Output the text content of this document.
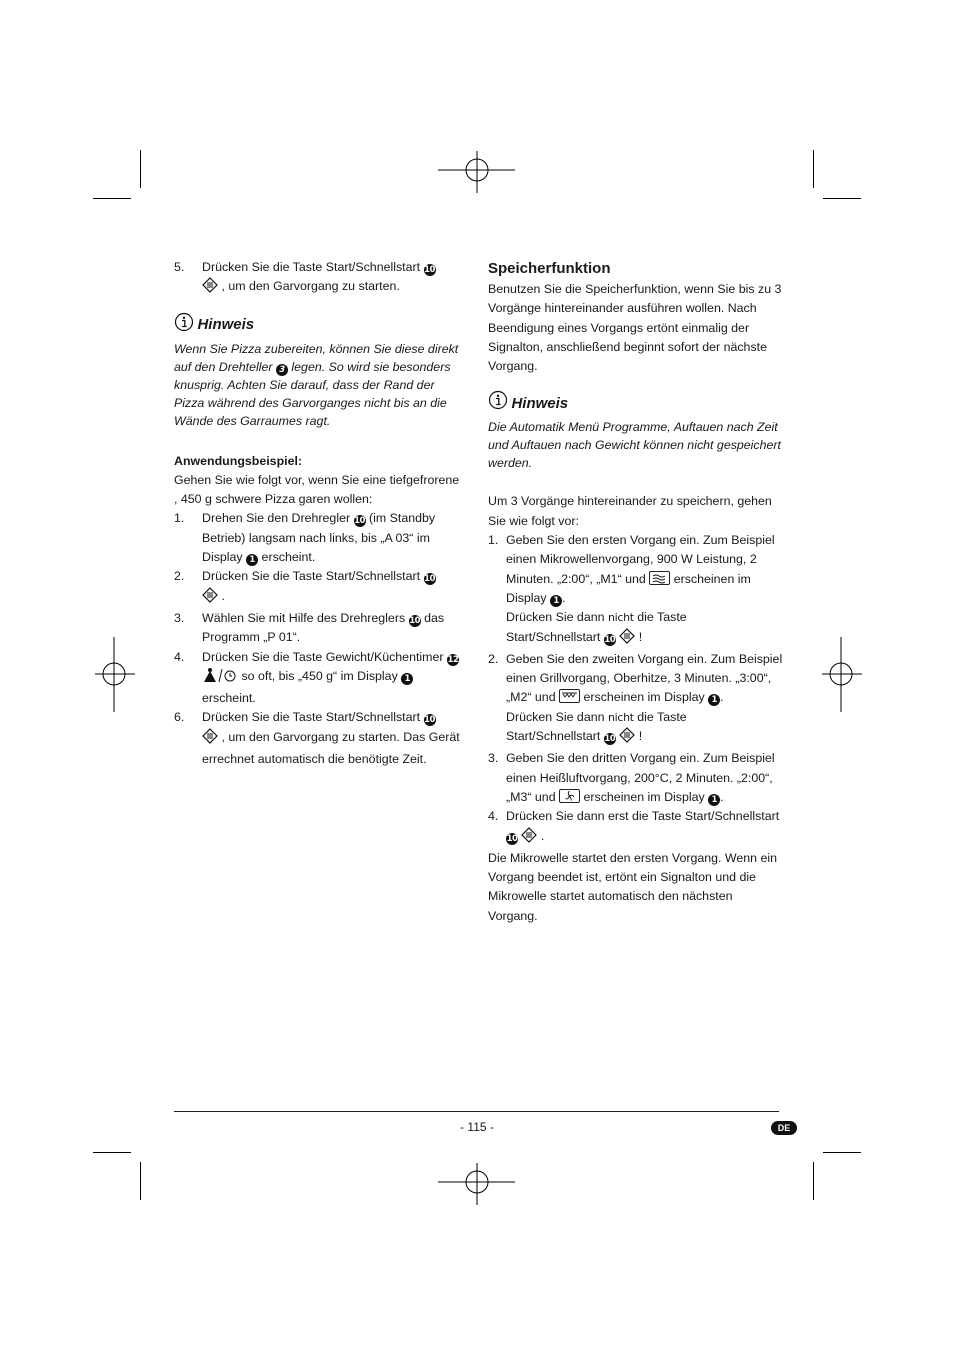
5. Drücken Sie die Taste Start/Schnellstart 10
, um den Garvorgang zu starten.

Hinweis

Wenn Sie Pizza zubereiten, können Sie diese direkt auf den Drehteller 3 legen. So wird sie besonders knusprig. Achten Sie darauf, dass der Rand der Pizza während des Garvorganges nicht bis an die Wände des Garraumes ragt.

Anwendungsbeispiel:

Gehen Sie wie folgt vor, wenn Sie eine tiefgefrorene , 450 g schwere Pizza garen wollen:

1. Drehen Sie den Drehregler 10 (im Standby Betrieb) langsam nach links, bis „A 03“ im Display 1 erscheint.
2. Drücken Sie die Taste Start/Schnellstart 10
.
3. Wählen Sie mit Hilfe des Drehreglers 10 das Programm „P 01“.
4. Drücken Sie die Taste Gewicht/Küchentimer 12
so oft, bis „450 g“ im Display 1 erscheint.
6. Drücken Sie die Taste Start/Schnellstart 10
, um den Garvorgang zu starten. Das Gerät errechnet automatisch die benötigte Zeit.

Speicherfunktion

Benutzen Sie die Speicherfunktion, wenn Sie bis zu 3 Vorgänge hintereinander ausführen wollen. Nach Beendigung eines Vorgangs ertönt einmalig der Signalton, anschließend beginnt sofort der nächste Vorgang.

Hinweis

Die Automatik Menü Programme, Auftauen nach Zeit und Auftauen nach Gewicht können nicht gespeichert werden.

Um 3 Vorgänge hintereinander zu speichern, gehen Sie wie folgt vor:

1. Geben Sie den ersten Vorgang ein. Zum Beispiel einen Mikrowellenvorgang, 900 W Leistung, 2 Minuten. „2:00“, „M1“ und erscheinen im Display 1 .
Drücken Sie dann nicht die Taste Start/Schnellstart 10 !
2. Geben Sie den zweiten Vorgang ein. Zum Beispiel einen Grillvorgang, Oberhitze, 3 Minuten. „3:00“, „M2“ und erscheinen im Display 1 .
Drücken Sie dann nicht die Taste Start/Schnellstart 10 !
3. Geben Sie den dritten Vorgang ein. Zum Beispiel einen Heißluftvorgang, 200°C, 2 Minuten. „2:00“, „M3“ und erscheinen im Display 1 .
4. Drücken Sie dann erst die Taste Start/Schnellstart 10 .

Die Mikrowelle startet den ersten Vorgang. Wenn ein Vorgang beendet ist, ertönt ein Signalton und die Mikrowelle startet automatisch den nächsten Vorgang.

- 115 -	DE
